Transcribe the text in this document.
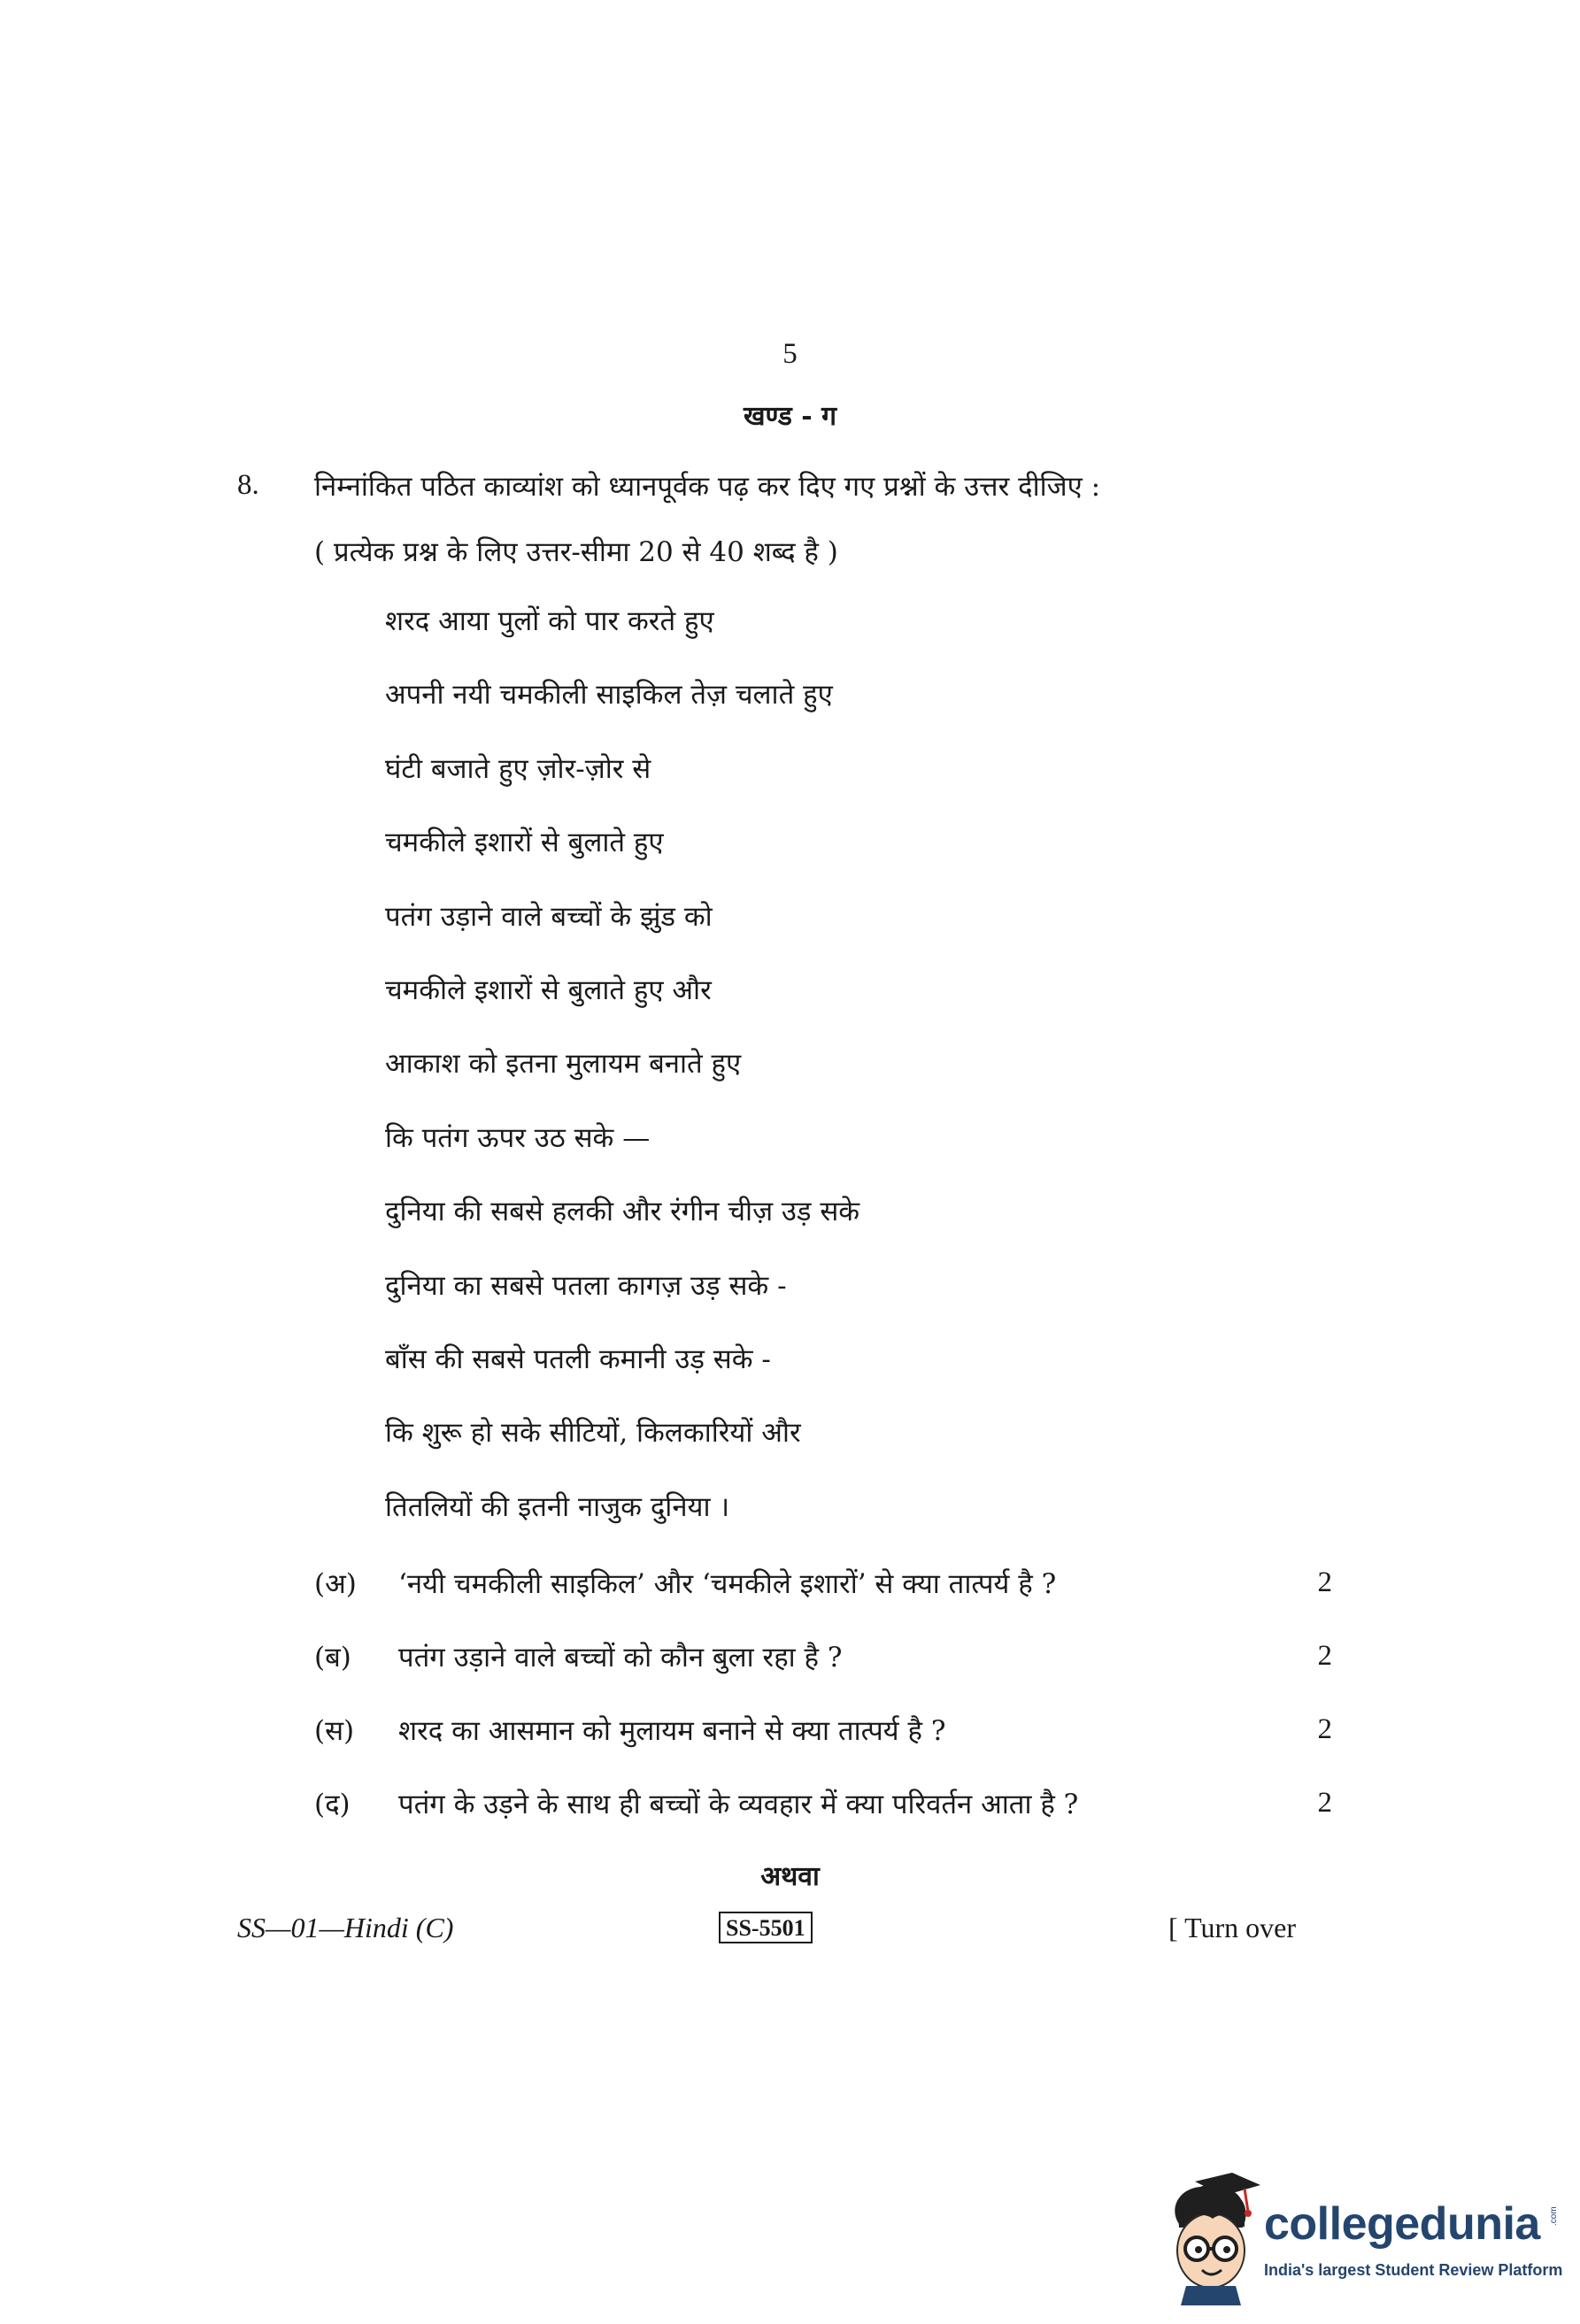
5
खण्ड - ग
8. निम्नांकित पठित काव्यांश को ध्यानपूर्वक पढ़ कर दिए गए प्रश्नों के उत्तर दीजिए :
( प्रत्येक प्रश्न के लिए उत्तर-सीमा 20 से 40 शब्द है )
शरद आया पुलों को पार करते हुए
अपनी नयी चमकीली साइकिल तेज़ चलाते हुए
घंटी बजाते हुए ज़ोर-ज़ोर से
चमकीले इशारों से बुलाते हुए
पतंग उड़ाने वाले बच्चों के झुंड को
चमकीले इशारों से बुलाते हुए और
आकाश को इतना मुलायम बनाते हुए
कि पतंग ऊपर उठ सके —
दुनिया की सबसे हलकी और रंगीन चीज़ उड़ सके
दुनिया का सबसे पतला कागज़ उड़ सके -
बाँस की सबसे पतली कमानी उड़ सके -
कि शुरू हो सके सीटियों, किलकारियों और
तितलियों की इतनी नाजुक दुनिया ।
(अ) ‘नयी चमकीली साइकिल’ और ‘चमकीले इशारों’ से क्या तात्पर्य है ?	2
(ब) पतंग उड़ाने वाले बच्चों को कौन बुला रहा है ?	2
(स) शरद का आसमान को मुलायम बनाने से क्या तात्पर्य है ?	2
(द) पतंग के उड़ने के साथ ही बच्चों के व्यवहार में क्या परिवर्तन आता है ?	2
अथवा
SS—01—Hindi (C)	SS-5501	[ Turn over
collegedunia .com
India's largest Student Review Platform
